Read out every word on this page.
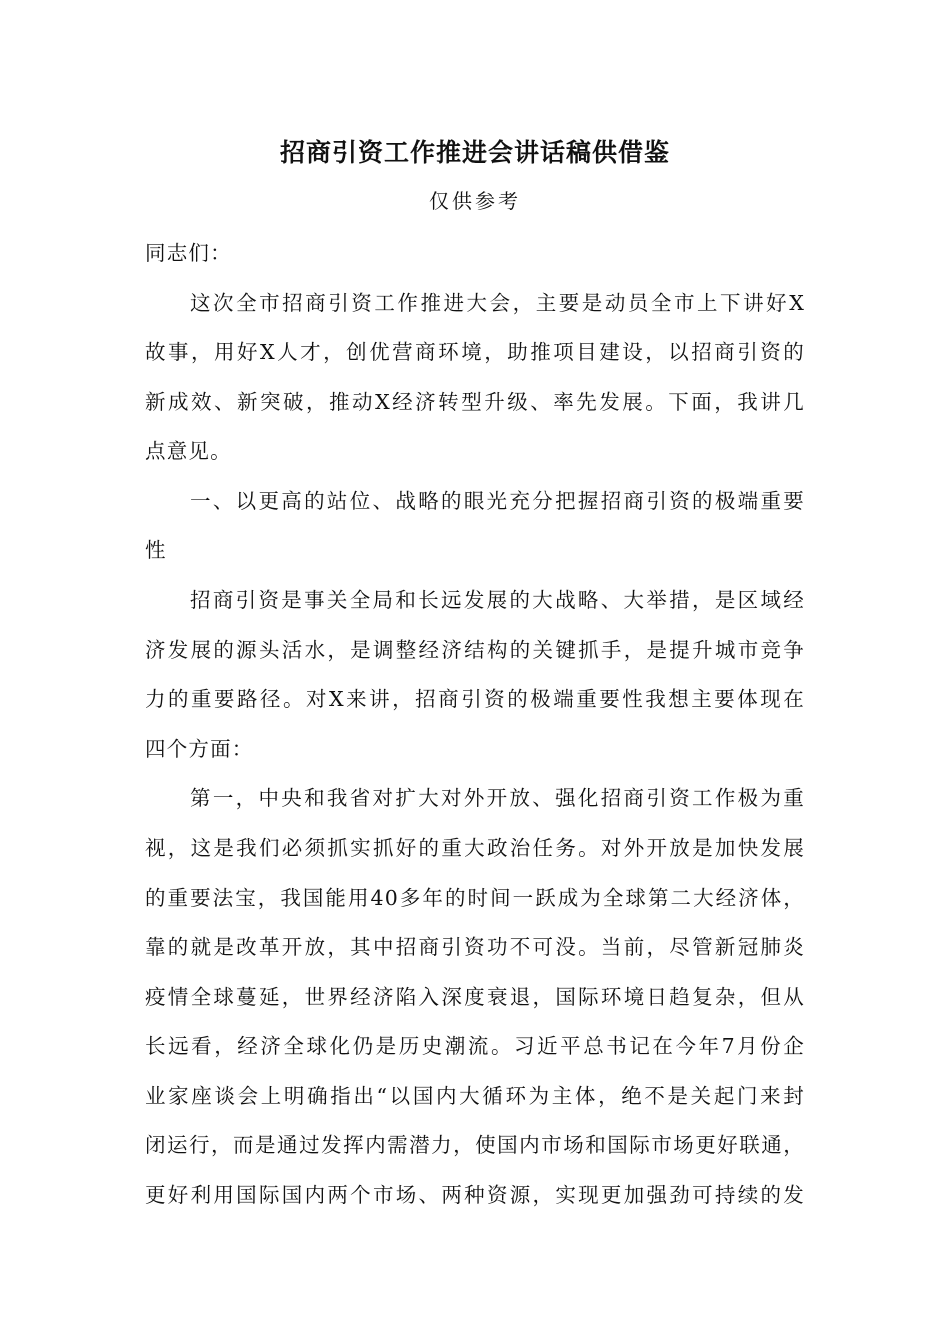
招商引资工作推进会讲话稿供借鉴
仅供参考
同志们：
这次全市招商引资工作推进大会，主要是动员全市上下讲好X
故事，用好X人才，创优营商环境，助推项目建设，以招商引资的
新成效、新突破，推动X经济转型升级、率先发展。下面，我讲几
点意见。
一、以更高的站位、战略的眼光充分把握招商引资的极端重要
性
招商引资是事关全局和长远发展的大战略、大举措，是区域经
济发展的源头活水，是调整经济结构的关键抓手，是提升城市竞争
力的重要路径。对X来讲，招商引资的极端重要性我想主要体现在
四个方面：
第一，中央和我省对扩大对外开放、强化招商引资工作极为重
视，这是我们必须抓实抓好的重大政治任务。对外开放是加快发展
的重要法宝，我国能用40多年的时间一跃成为全球第二大经济体，
靠的就是改革开放，其中招商引资功不可没。当前，尽管新冠肺炎
疫情全球蔓延，世界经济陷入深度衰退，国际环境日趋复杂，但从
长远看，经济全球化仍是历史潮流。习近平总书记在今年7月份企
业家座谈会上明确指出“以国内大循环为主体，绝不是关起门来封
闭运行，而是通过发挥内需潜力，使国内市场和国际市场更好联通，
更好利用国际国内两个市场、两种资源，实现更加强劲可持续的发
